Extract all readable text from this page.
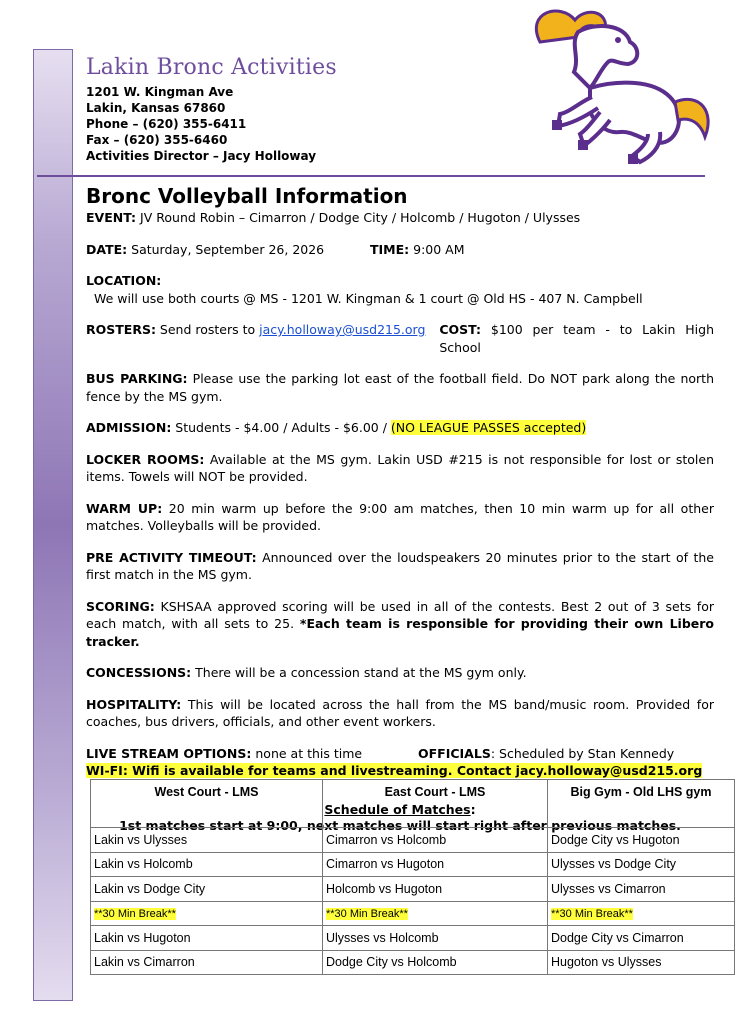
Lakin Bronc Activities
1201 W. Kingman Ave
Lakin, Kansas 67860
Phone – (620) 355-6411
Fax – (620) 355-6460
Activities Director – Jacy Holloway
Bronc Volleyball Information

EVENT: JV Round Robin – Cimarron / Dodge City / Holcomb / Hugoton / Ulysses

DATE: Saturday, September 26, 2026	TIME: 9:00 AM

LOCATION:  We will use both courts @ MS - 1201 W. Kingman & 1 court @ Old HS - 407 N. Campbell

ROSTERS: Send rosters to jacy.holloway@usd215.org	COST: $100 per team - to Lakin High School

BUS PARKING: Please use the parking lot east of the football field. Do NOT park along the north fence by the MS gym.

ADMISSION: Students - $4.00 / Adults - $6.00 / (NO LEAGUE PASSES accepted)

LOCKER ROOMS: Available at the MS gym. Lakin USD #215 is not responsible for lost or stolen items. Towels will NOT be provided.

WARM UP: 20 min warm up before the 9:00 am matches, then 10 min warm up for all other matches. Volleyballs will be provided.

PRE ACTIVITY TIMEOUT: Announced over the loudspeakers 20 minutes prior to the start of the first match in the MS gym.

SCORING: KSHSAA approved scoring will be used in all of the contests. Best 2 out of 3 sets for each match, with all sets to 25. *Each team is responsible for providing their own Libero tracker.

CONCESSIONS: There will be a concession stand at the MS gym only.

HOSPITALITY: This will be located across the hall from the MS band/music room. Provided for coaches, bus drivers, officials, and other event workers.

LIVE STREAM OPTIONS: none at this time	OFFICIALS: Scheduled by Stan Kennedy

WI-FI: Wifi is available for teams and livestreaming. Contact jacy.holloway@usd215.org

Schedule of Matches:
1st matches start at 9:00, next matches will start right after previous matches.
West Court - LMS	East Court - LMS	Big Gym - Old LHS gym
Lakin vs Ulysses	Cimarron vs Holcomb	Dodge City vs Hugoton
Lakin vs Holcomb	Cimarron vs Hugoton	Ulysses vs Dodge City
Lakin vs Dodge City	Holcomb vs Hugoton	Ulysses vs Cimarron
**30 Min Break**	**30 Min Break**	**30 Min Break**
Lakin vs Hugoton	Ulysses vs Holcomb	Dodge City vs Cimarron
Lakin vs Cimarron	Dodge City vs Holcomb	Hugoton vs Ulysses
